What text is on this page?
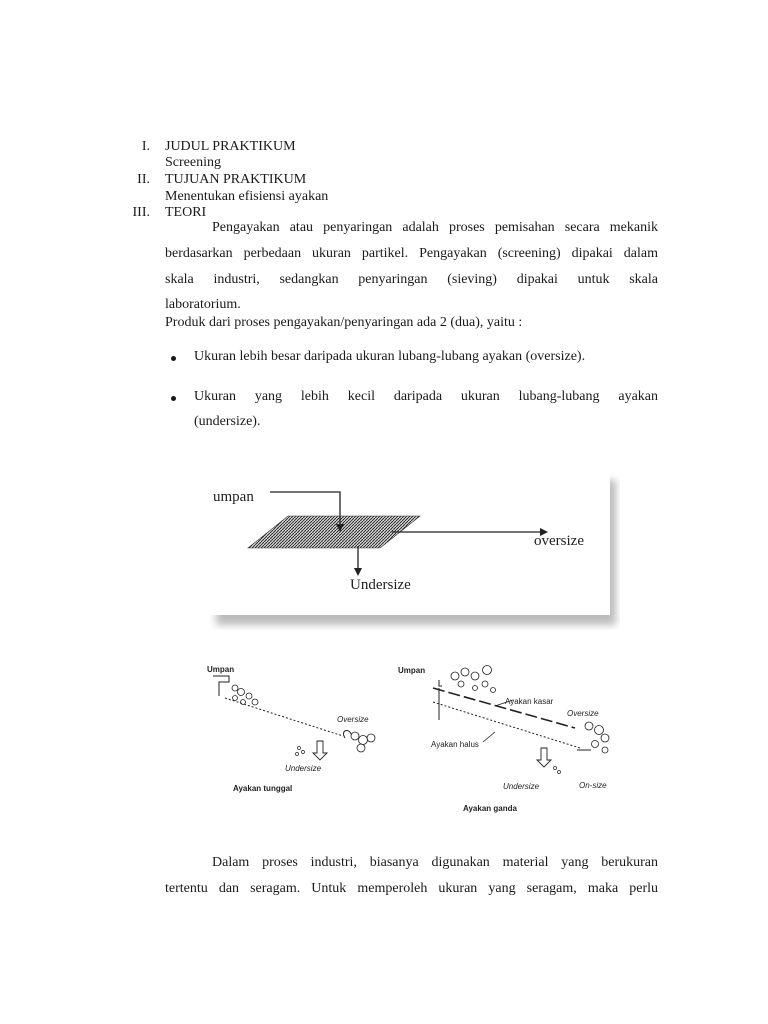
I. JUDUL PRAKTIKUM
Screening
II. TUJUAN PRAKTIKUM
Menentukan efisiensi ayakan
III. TEORI
Pengayakan atau penyaringan adalah proses pemisahan secara mekanik
berdasarkan perbedaan ukuran partikel. Pengayakan (screening) dipakai dalam
skala industri, sedangkan penyaringan (sieving) dipakai untuk skala
laboratorium.
Produk dari proses pengayakan/penyaringan ada 2 (dua), yaitu :
Ukuran lebih besar daripada ukuran lubang-lubang ayakan (oversize).
Ukuran yang lebih kecil daripada ukuran lubang-lubang ayakan
(undersize).
umpan
oversize
Undersize
Umpan
Oversize
Undersize
Ayakan tunggal
Umpan
Ayakan kasar
Oversize
Ayakan halus
Undersize	On-size
Ayakan ganda
Dalam proses industri, biasanya digunakan material yang berukuran
tertentu dan seragam. Untuk memperoleh ukuran yang seragam, maka perlu
